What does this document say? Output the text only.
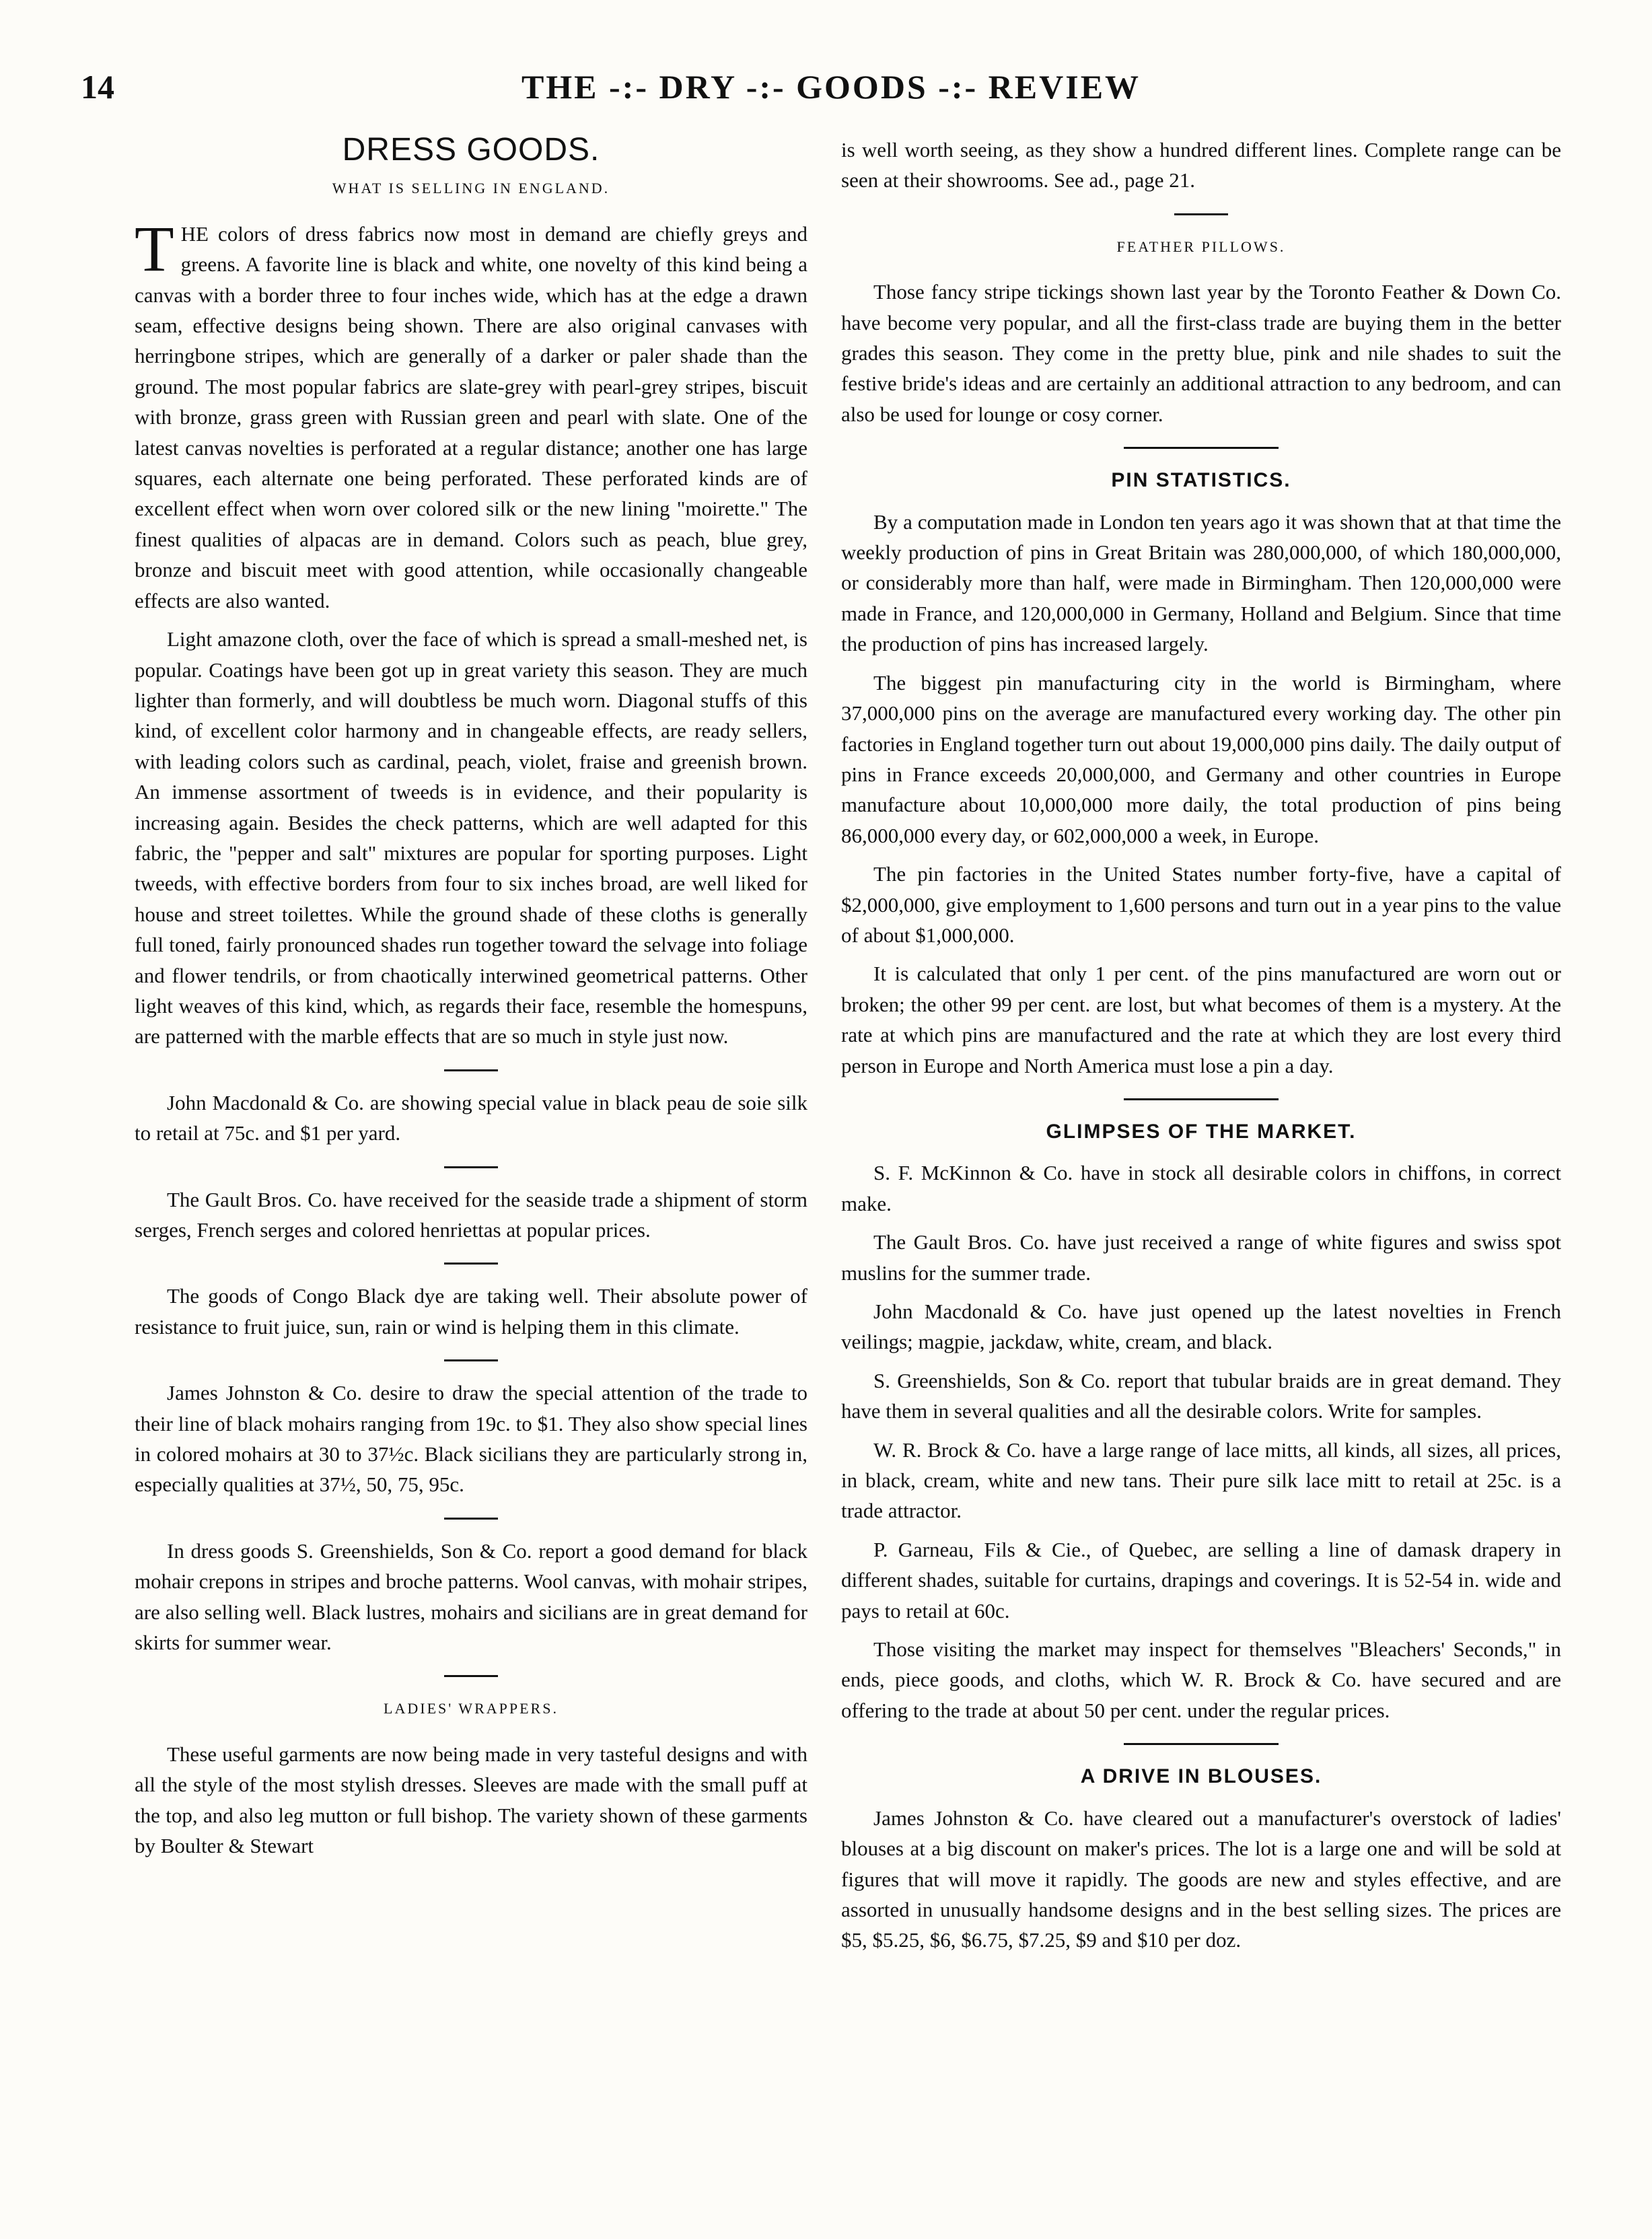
14	THE -:- DRY -:- GOODS -:- REVIEW
DRESS GOODS.
WHAT IS SELLING IN ENGLAND.

THE colors of dress fabrics now most in demand are chiefly greys and greens. A favorite line is black and white, one novelty of this kind being a canvas with a border three to four inches wide, which has at the edge a drawn seam, effective designs being shown. There are also original canvases with herringbone stripes, which are generally of a darker or paler shade than the ground. The most popular fabrics are slate-grey with pearl-grey stripes, biscuit with bronze, grass green with Russian green and pearl with slate. One of the latest canvas novelties is perforated at a regular distance; another one has large squares, each alternate one being perforated. These perforated kinds are of excellent effect when worn over colored silk or the new lining "moirette." The finest qualities of alpacas are in demand. Colors such as peach, blue grey, bronze and biscuit meet with good attention, while occasionally changeable effects are also wanted.

Light amazone cloth, over the face of which is spread a small-meshed net, is popular. Coatings have been got up in great variety this season. They are much lighter than formerly, and will doubtless be much worn. Diagonal stuffs of this kind, of excellent color harmony and in changeable effects, are ready sellers, with leading colors such as cardinal, peach, violet, fraise and greenish brown. An immense assortment of tweeds is in evidence, and their popularity is increasing again. Besides the check patterns, which are well adapted for this fabric, the "pepper and salt" mixtures are popular for sporting purposes. Light tweeds, with effective borders from four to six inches broad, are well liked for house and street toilettes. While the ground shade of these cloths is generally full toned, fairly pronounced shades run together toward the selvage into foliage and flower tendrils, or from chaotically interwined geometrical patterns. Other light weaves of this kind, which, as regards their face, resemble the homespuns, are patterned with the marble effects that are so much in style just now.

John Macdonald & Co. are showing special value in black peau de soie silk to retail at 75c. and $1 per yard.

The Gault Bros. Co. have received for the seaside trade a shipment of storm serges, French serges and colored henriettas at popular prices.

The goods of Congo Black dye are taking well. Their absolute power of resistance to fruit juice, sun, rain or wind is helping them in this climate.

James Johnston & Co. desire to draw the special attention of the trade to their line of black mohairs ranging from 19c. to $1. They also show special lines in colored mohairs at 30 to 37½c. Black sicilians they are particularly strong in, especially qualities at 37½, 50, 75, 95c.

In dress goods S. Greenshields, Son & Co. report a good demand for black mohair crepons in stripes and broche patterns. Wool canvas, with mohair stripes, are also selling well. Black lustres, mohairs and sicilians are in great demand for skirts for summer wear.

LADIES' WRAPPERS.

These useful garments are now being made in very tasteful designs and with all the style of the most stylish dresses. Sleeves are made with the small puff at the top, and also leg mutton or full bishop. The variety shown of these garments by Boulter & Stewart

is well worth seeing, as they show a hundred different lines. Complete range can be seen at their showrooms. See ad., page 21.

FEATHER PILLOWS.

Those fancy stripe tickings shown last year by the Toronto Feather & Down Co. have become very popular, and all the first-class trade are buying them in the better grades this season. They come in the pretty blue, pink and nile shades to suit the festive bride's ideas and are certainly an additional attraction to any bedroom, and can also be used for lounge or cosy corner.

PIN STATISTICS.

By a computation made in London ten years ago it was shown that at that time the weekly production of pins in Great Britain was 280,000,000, of which 180,000,000, or considerably more than half, were made in Birmingham. Then 120,000,000 were made in France, and 120,000,000 in Germany, Holland and Belgium. Since that time the production of pins has increased largely.

The biggest pin manufacturing city in the world is Birmingham, where 37,000,000 pins on the average are manufactured every working day. The other pin factories in England together turn out about 19,000,000 pins daily. The daily output of pins in France exceeds 20,000,000, and Germany and other countries in Europe manufacture about 10,000,000 more daily, the total production of pins being 86,000,000 every day, or 602,000,000 a week, in Europe.

The pin factories in the United States number forty-five, have a capital of $2,000,000, give employment to 1,600 persons and turn out in a year pins to the value of about $1,000,000.

It is calculated that only 1 per cent. of the pins manufactured are worn out or broken; the other 99 per cent. are lost, but what becomes of them is a mystery. At the rate at which pins are manufactured and the rate at which they are lost every third person in Europe and North America must lose a pin a day.

GLIMPSES OF THE MARKET.

S. F. McKinnon & Co. have in stock all desirable colors in chiffons, in correct make.

The Gault Bros. Co. have just received a range of white figures and swiss spot muslins for the summer trade.

John Macdonald & Co. have just opened up the latest novelties in French veilings; magpie, jackdaw, white, cream, and black.

S. Greenshields, Son & Co. report that tubular braids are in great demand. They have them in several qualities and all the desirable colors. Write for samples.

W. R. Brock & Co. have a large range of lace mitts, all kinds, all sizes, all prices, in black, cream, white and new tans. Their pure silk lace mitt to retail at 25c. is a trade attractor.

P. Garneau, Fils & Cie., of Quebec, are selling a line of damask drapery in different shades, suitable for curtains, drapings and coverings. It is 52-54 in. wide and pays to retail at 60c.

Those visiting the market may inspect for themselves "Bleachers' Seconds," in ends, piece goods, and cloths, which W. R. Brock & Co. have secured and are offering to the trade at about 50 per cent. under the regular prices.

A DRIVE IN BLOUSES.

James Johnston & Co. have cleared out a manufacturer's overstock of ladies' blouses at a big discount on maker's prices. The lot is a large one and will be sold at figures that will move it rapidly. The goods are new and styles effective, and are assorted in unusually handsome designs and in the best selling sizes. The prices are $5, $5.25, $6, $6.75, $7.25, $9 and $10 per doz.
